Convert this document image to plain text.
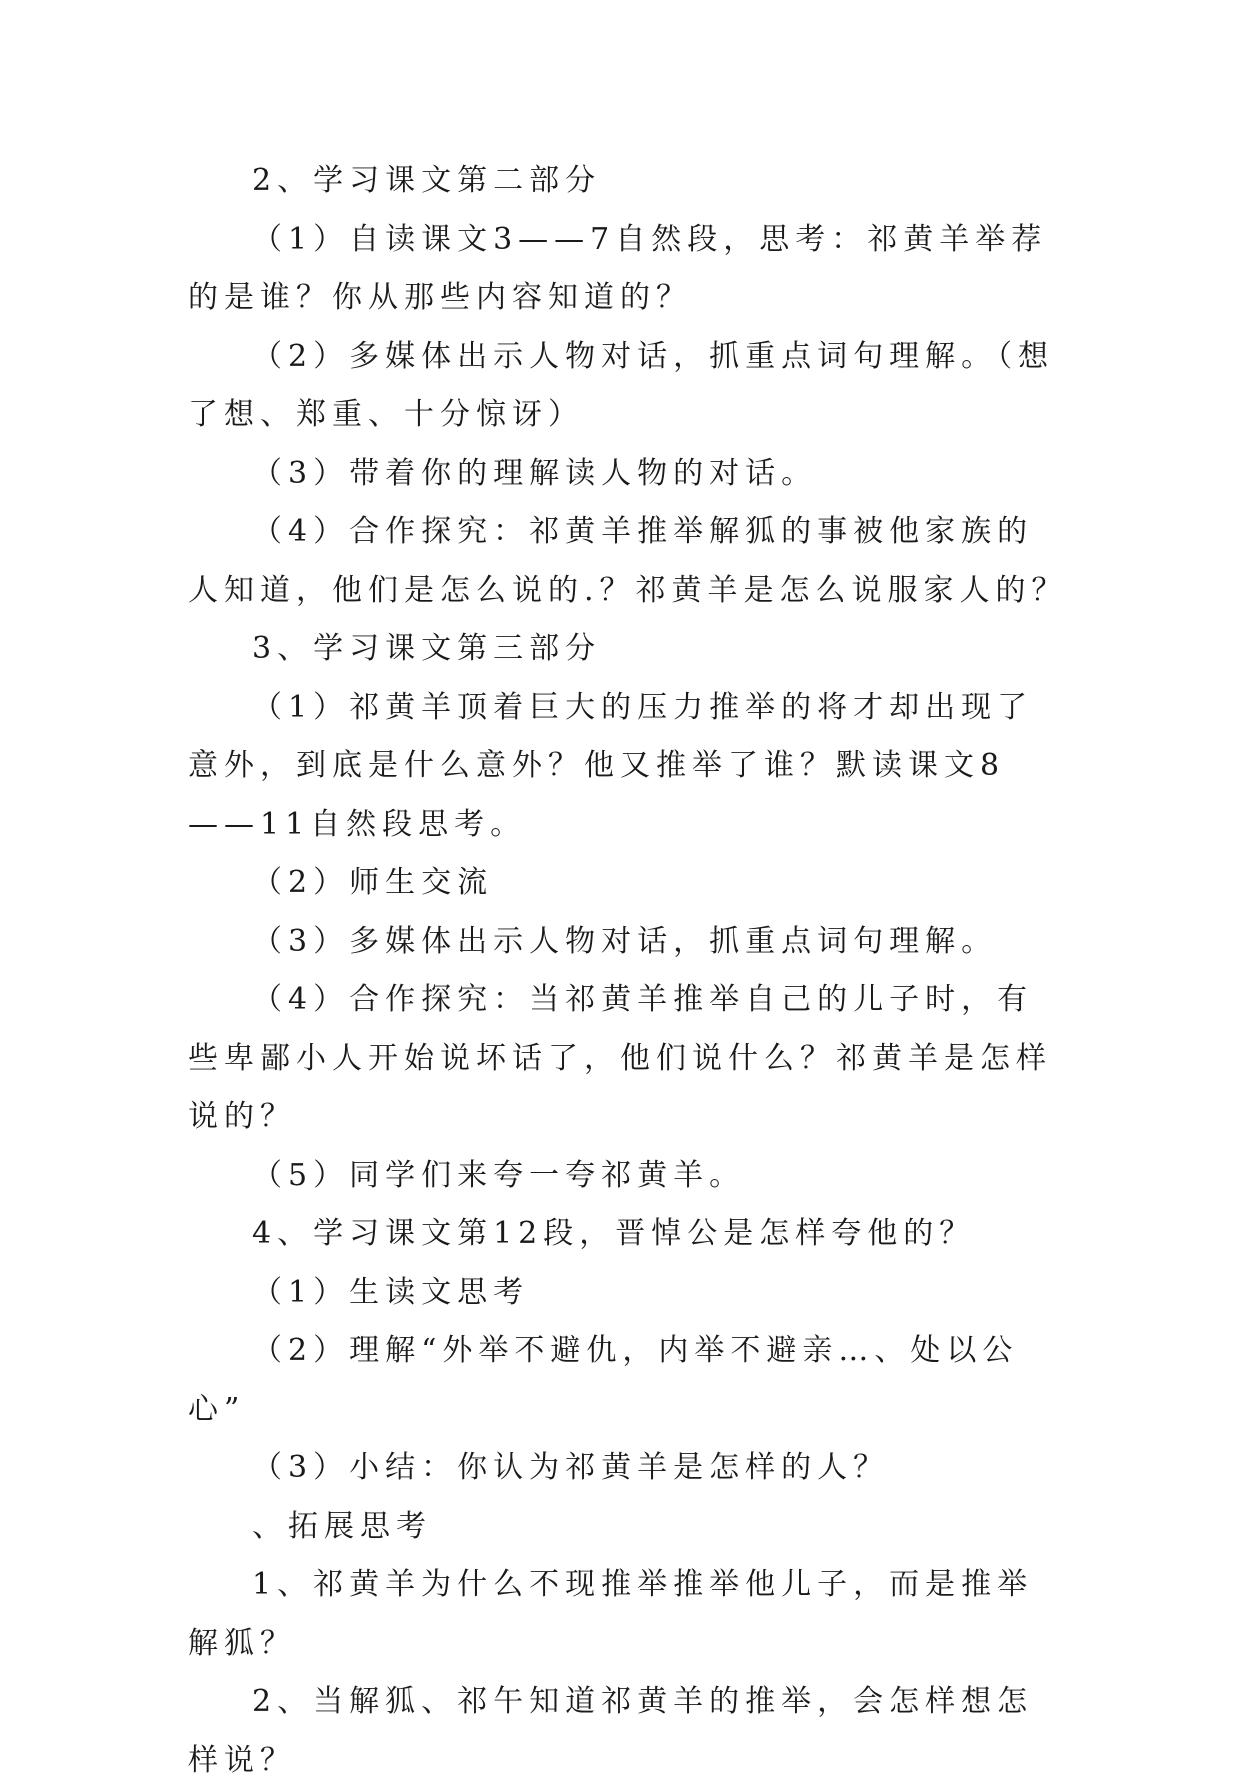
2、学习课文第二部分

（1）自读课文3——7自然段，思考：祁黄羊举荐的是谁？你从那些内容知道的？

（2）多媒体出示人物对话，抓重点词句理解。（想了想、郑重、十分惊讶）

（3）带着你的理解读人物的对话。

（4）合作探究：祁黄羊推举解狐的事被他家族的人知道，他们是怎么说的.？祁黄羊是怎么说服家人的？

3、学习课文第三部分

（1）祁黄羊顶着巨大的压力推举的将才却出现了意外，到底是什么意外？他又推举了谁？默读课文8——11自然段思考。

（2）师生交流

（3）多媒体出示人物对话，抓重点词句理解。

（4）合作探究：当祁黄羊推举自己的儿子时，有些卑鄙小人开始说坏话了，他们说什么？祁黄羊是怎样说的？

（5）同学们来夸一夸祁黄羊。

4、学习课文第12段，晋悼公是怎样夸他的？

（1）生读文思考

（2）理解“外举不避仇，内举不避亲…、处以公心”

（3）小结：你认为祁黄羊是怎样的人？

、拓展思考

1、祁黄羊为什么不现推举推举他儿子，而是推举解狐？

2、当解狐、祁午知道祁黄羊的推举，会怎样想怎样说？
